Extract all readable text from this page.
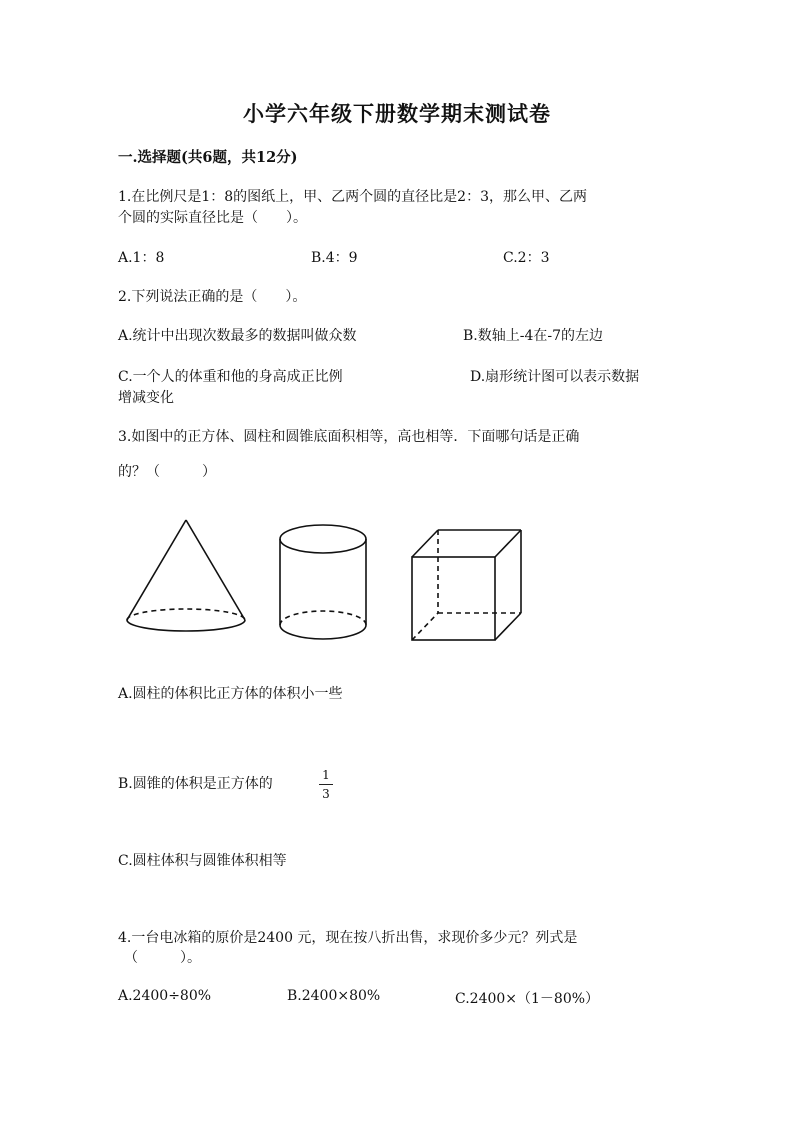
小学六年级下册数学期末测试卷
一.选择题(共6题，共12分)
1.在比例尺是1：8的图纸上，甲、乙两个圆的直径比是2：3，那么甲、乙两
个圆的实际直径比是（　　）。
A.1：8	B.4：9	C.2：3
2.下列说法正确的是（　　）。
A.统计中出现次数最多的数据叫做众数	B.数轴上-4在-7的左边
C.一个人的体重和他的身高成正比例	D.扇形统计图可以表示数据
增减变化
3.如图中的正方体、圆柱和圆锥底面积相等，高也相等．下面哪句话是正确
的？（　　　）
A.圆柱的体积比正方体的体积小一些
B.圆锥的体积是正方体的
1
3
C.圆柱体积与圆锥体积相等
4.一台电冰箱的原价是2400 元，现在按八折出售，求现价多少元？列式是
（　　　）。
A.2400÷80%	B.2400×80%	C.2400×（1－80%）
